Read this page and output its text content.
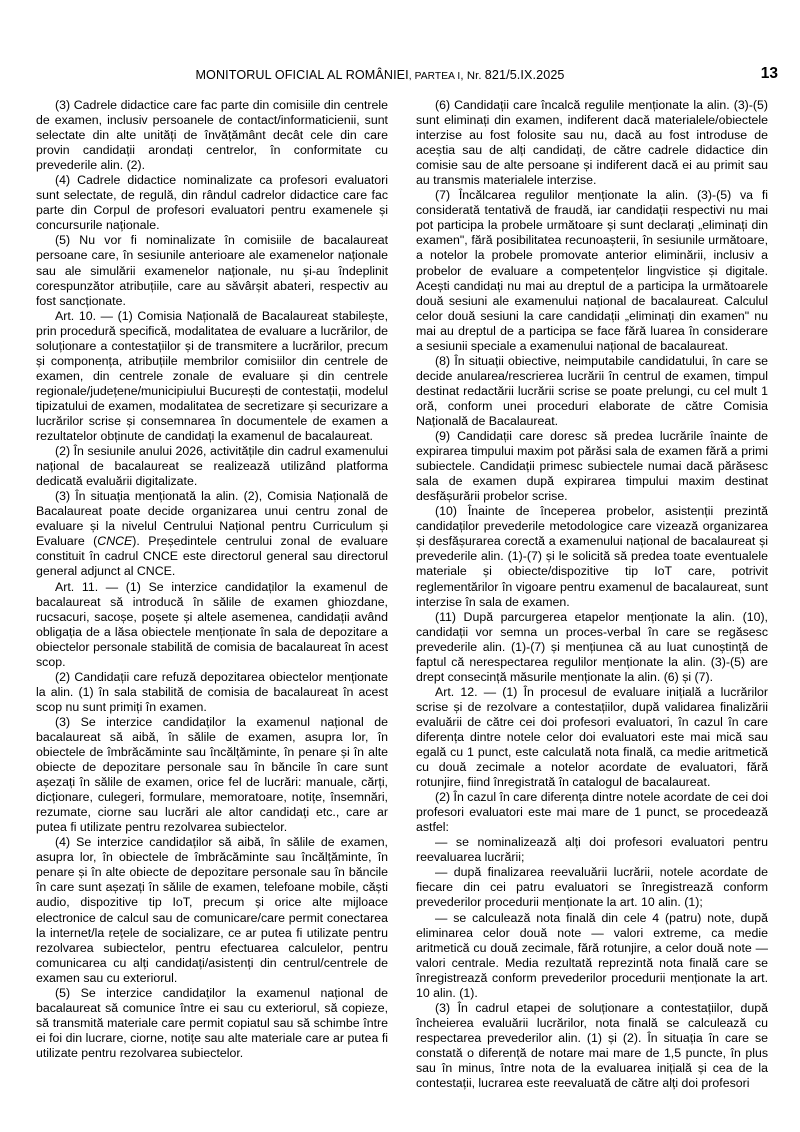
MONITORUL OFICIAL AL ROMÂNIEI, PARTEA I, Nr. 821/5.IX.2025	13

(3) Cadrele didactice care fac parte din comisiile din centrele de examen, inclusiv persoanele de contact/informaticienii, sunt selectate din alte unități de învățământ decât cele din care provin candidații arondați centrelor, în conformitate cu prevederile alin. (2).

(4) Cadrele didactice nominalizate ca profesori evaluatori sunt selectate, de regulă, din rândul cadrelor didactice care fac parte din Corpul de profesori evaluatori pentru examenele și concursurile naționale.

(5) Nu vor fi nominalizate în comisiile de bacalaureat persoane care, în sesiunile anterioare ale examenelor naționale sau ale simulării examenelor naționale, nu și-au îndeplinit corespunzător atribuțiile, care au săvârșit abateri, respectiv au fost sancționate.

Art. 10. — (1) Comisia Națională de Bacalaureat stabilește, prin procedură specifică, modalitatea de evaluare a lucrărilor, de soluționare a contestațiilor și de transmitere a lucrărilor, precum și componența, atribuțiile membrilor comisiilor din centrele de examen, din centrele zonale de evaluare și din centrele regionale/județene/municipiului București de contestații, modelul tipizatului de examen, modalitatea de secretizare și securizare a lucrărilor scrise și consemnarea în documentele de examen a rezultatelor obținute de candidați la examenul de bacalaureat.

(2) În sesiunile anului 2026, activitățile din cadrul examenului național de bacalaureat se realizează utilizând platforma dedicată evaluării digitalizate.

(3) În situația menționată la alin. (2), Comisia Națională de Bacalaureat poate decide organizarea unui centru zonal de evaluare și la nivelul Centrului Național pentru Curriculum și Evaluare (CNCE). Președintele centrului zonal de evaluare constituit în cadrul CNCE este directorul general sau directorul general adjunct al CNCE.

Art. 11. — (1) Se interzice candidaților la examenul de bacalaureat să introducă în sălile de examen ghiozdane, rucsacuri, sacoșe, poșete și altele asemenea, candidații având obligația de a lăsa obiectele menționate în sala de depozitare a obiectelor personale stabilită de comisia de bacalaureat în acest scop.

(2) Candidații care refuză depozitarea obiectelor menționate la alin. (1) în sala stabilită de comisia de bacalaureat în acest scop nu sunt primiți în examen.

(3) Se interzice candidaților la examenul național de bacalaureat să aibă, în sălile de examen, asupra lor, în obiectele de îmbrăcăminte sau încălțăminte, în penare și în alte obiecte de depozitare personale sau în băncile în care sunt așezați în sălile de examen, orice fel de lucrări: manuale, cărți, dicționare, culegeri, formulare, memoratoare, notițe, însemnări, rezumate, ciorne sau lucrări ale altor candidați etc., care ar putea fi utilizate pentru rezolvarea subiectelor.

(4) Se interzice candidaților să aibă, în sălile de examen, asupra lor, în obiectele de îmbrăcăminte sau încălțăminte, în penare și în alte obiecte de depozitare personale sau în băncile în care sunt așezați în sălile de examen, telefoane mobile, căști audio, dispozitive tip IoT, precum și orice alte mijloace electronice de calcul sau de comunicare/care permit conectarea la internet/la rețele de socializare, ce ar putea fi utilizate pentru rezolvarea subiectelor, pentru efectuarea calculelor, pentru comunicarea cu alți candidați/asistenți din centrul/centrele de examen sau cu exteriorul.

(5) Se interzice candidaților la examenul național de bacalaureat să comunice între ei sau cu exteriorul, să copieze, să transmită materiale care permit copiatul sau să schimbe între ei foi din lucrare, ciorne, notițe sau alte materiale care ar putea fi utilizate pentru rezolvarea subiectelor.

(6) Candidații care încalcă regulile menționate la alin. (3)-(5) sunt eliminați din examen, indiferent dacă materialele/obiectele interzise au fost folosite sau nu, dacă au fost introduse de aceștia sau de alți candidați, de către cadrele didactice din comisie sau de alte persoane și indiferent dacă ei au primit sau au transmis materialele interzise.

(7) Încălcarea regulilor menționate la alin. (3)-(5) va fi considerată tentativă de fraudă, iar candidații respectivi nu mai pot participa la probele următoare și sunt declarați „eliminați din examen", fără posibilitatea recunoașterii, în sesiunile următoare, a notelor la probele promovate anterior eliminării, inclusiv a probelor de evaluare a competențelor lingvistice și digitale. Acești candidați nu mai au dreptul de a participa la următoarele două sesiuni ale examenului național de bacalaureat. Calculul celor două sesiuni la care candidații „eliminați din examen" nu mai au dreptul de a participa se face fără luarea în considerare a sesiunii speciale a examenului național de bacalaureat.

(8) În situații obiective, neimputabile candidatului, în care se decide anularea/rescrierea lucrării în centrul de examen, timpul destinat redactării lucrării scrise se poate prelungi, cu cel mult 1 oră, conform unei proceduri elaborate de către Comisia Națională de Bacalaureat.

(9) Candidații care doresc să predea lucrările înainte de expirarea timpului maxim pot părăsi sala de examen fără a primi subiectele. Candidații primesc subiectele numai dacă părăsesc sala de examen după expirarea timpului maxim destinat desfășurării probelor scrise.

(10) Înainte de începerea probelor, asistenții prezintă candidaților prevederile metodologice care vizează organizarea și desfășurarea corectă a examenului național de bacalaureat și prevederile alin. (1)-(7) și le solicită să predea toate eventualele materiale și obiecte/dispozitive tip IoT care, potrivit reglementărilor în vigoare pentru examenul de bacalaureat, sunt interzise în sala de examen.

(11) După parcurgerea etapelor menționate la alin. (10), candidații vor semna un proces-verbal în care se regăsesc prevederile alin. (1)-(7) și mențiunea că au luat cunoștință de faptul că nerespectarea regulilor menționate la alin. (3)-(5) are drept consecință măsurile menționate la alin. (6) și (7).

Art. 12. — (1) În procesul de evaluare inițială a lucrărilor scrise și de rezolvare a contestațiilor, după validarea finalizării evaluării de către cei doi profesori evaluatori, în cazul în care diferența dintre notele celor doi evaluatori este mai mică sau egală cu 1 punct, este calculată nota finală, ca medie aritmetică cu două zecimale a notelor acordate de evaluatori, fără rotunjire, fiind înregistrată în catalogul de bacalaureat.

(2) În cazul în care diferența dintre notele acordate de cei doi profesori evaluatori este mai mare de 1 punct, se procedează astfel:

— se nominalizează alți doi profesori evaluatori pentru reevaluarea lucrării;

— după finalizarea reevaluării lucrării, notele acordate de fiecare din cei patru evaluatori se înregistrează conform prevederilor procedurii menționate la art. 10 alin. (1);

— se calculează nota finală din cele 4 (patru) note, după eliminarea celor două note — valori extreme, ca medie aritmetică cu două zecimale, fără rotunjire, a celor două note — valori centrale. Media rezultată reprezintă nota finală care se înregistrează conform prevederilor procedurii menționate la art. 10 alin. (1).

(3) În cadrul etapei de soluționare a contestațiilor, după încheierea evaluării lucrărilor, nota finală se calculează cu respectarea prevederilor alin. (1) și (2). În situația în care se constată o diferență de notare mai mare de 1,5 puncte, în plus sau în minus, între nota de la evaluarea inițială și cea de la contestații, lucrarea este reevaluată de către alți doi profesori
